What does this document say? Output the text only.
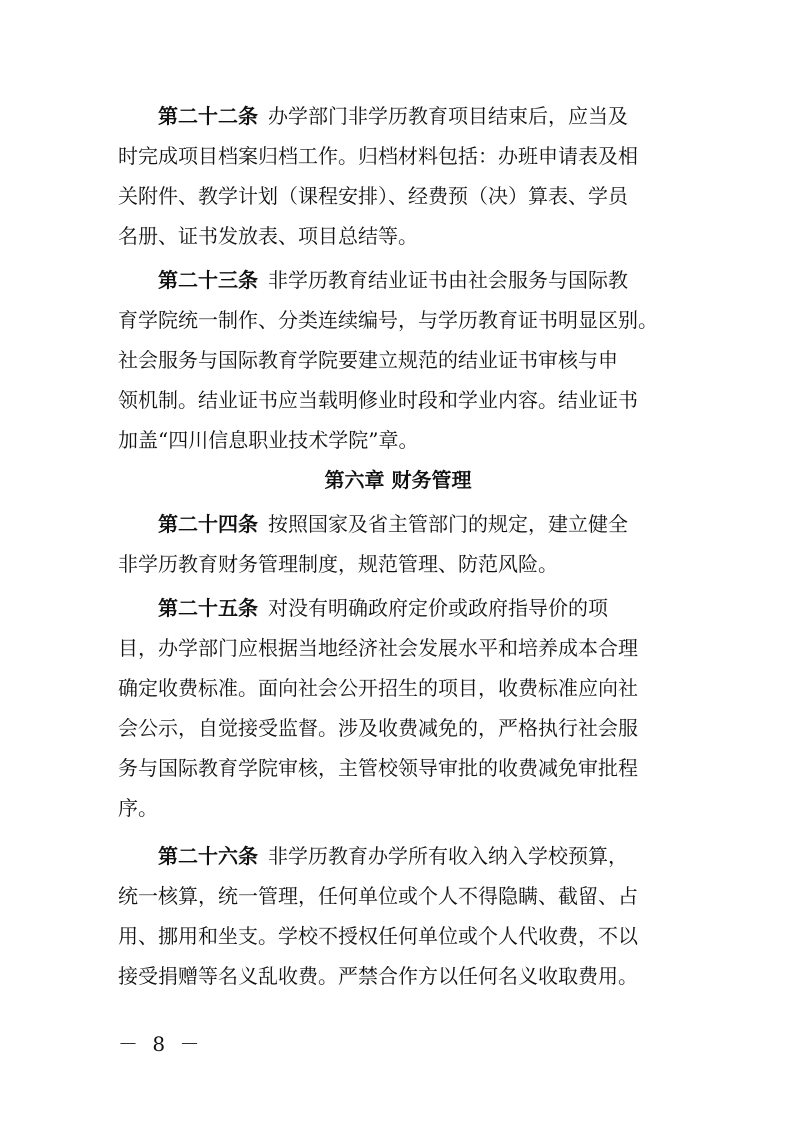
第二十二条 办学部门非学历教育项目结束后，应当及
时完成项目档案归档工作。归档材料包括：办班申请表及相
关附件、教学计划（课程安排）、经费预（决）算表、学员
名册、证书发放表、项目总结等。
第二十三条 非学历教育结业证书由社会服务与国际教
育学院统一制作、分类连续编号，与学历教育证书明显区别。
社会服务与国际教育学院要建立规范的结业证书审核与申
领机制。结业证书应当载明修业时段和学业内容。结业证书
加盖“四川信息职业技术学院”章。
第六章 财务管理
第二十四条 按照国家及省主管部门的规定，建立健全
非学历教育财务管理制度，规范管理、防范风险。
第二十五条 对没有明确政府定价或政府指导价的项
目，办学部门应根据当地经济社会发展水平和培养成本合理
确定收费标准。面向社会公开招生的项目，收费标准应向社
会公示，自觉接受监督。涉及收费减免的，严格执行社会服
务与国际教育学院审核，主管校领导审批的收费减免审批程
序。
第二十六条 非学历教育办学所有收入纳入学校预算，
统一核算，统一管理，任何单位或个人不得隐瞒、截留、占
用、挪用和坐支。学校不授权任何单位或个人代收费，不以
接受捐赠等名义乱收费。严禁合作方以任何名义收取费用。
－ 8 －
